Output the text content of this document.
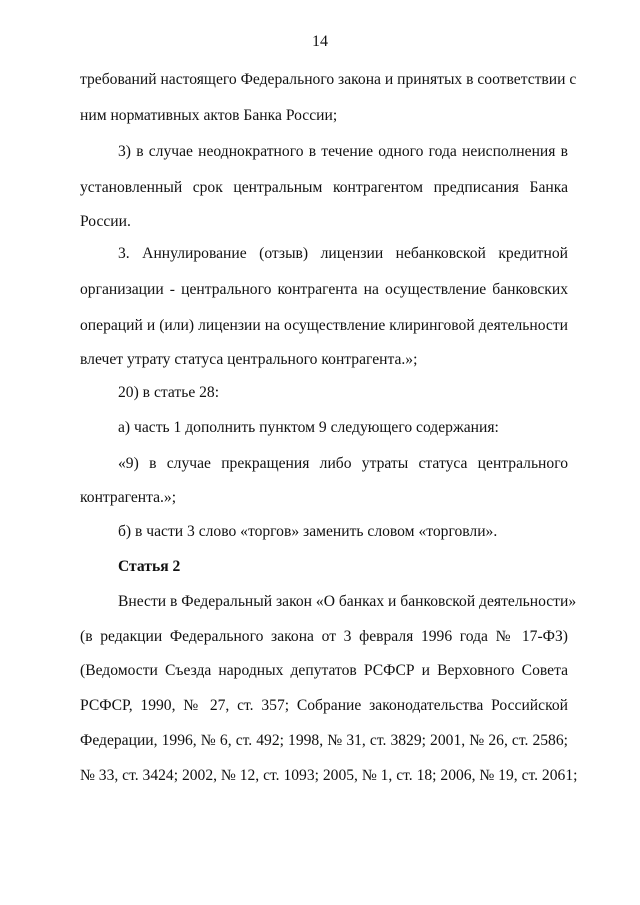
14
требований настоящего Федерального закона и принятых в соответствии с
ним нормативных актов Банка России;
3) в случае неоднократного в течение одного года неисполнения в
установленный срок центральным контрагентом предписания Банка
России.
3. Аннулирование (отзыв) лицензии небанковской кредитной
организации - центрального контрагента на осуществление банковских
операций и (или) лицензии на осуществление клиринговой деятельности
влечет утрату статуса центрального контрагента.»;
20) в статье 28:
а) часть 1 дополнить пунктом 9 следующего содержания:
«9) в случае прекращения либо утраты статуса центрального
контрагента.»;
б) в части 3 слово «торгов» заменить словом «торговли».
Статья 2
Внести в Федеральный закон «О банках и банковской деятельности»
(в редакции Федерального закона от 3 февраля 1996 года № 17-ФЗ)
(Ведомости Съезда народных депутатов РСФСР и Верховного Совета
РСФСР, 1990, № 27, ст. 357; Собрание законодательства Российской
Федерации, 1996, № 6, ст. 492; 1998, № 31, ст. 3829; 2001, № 26, ст. 2586;
№ 33, ст. 3424; 2002, № 12, ст. 1093; 2005, № 1, ст. 18; 2006, № 19, ст. 2061;
